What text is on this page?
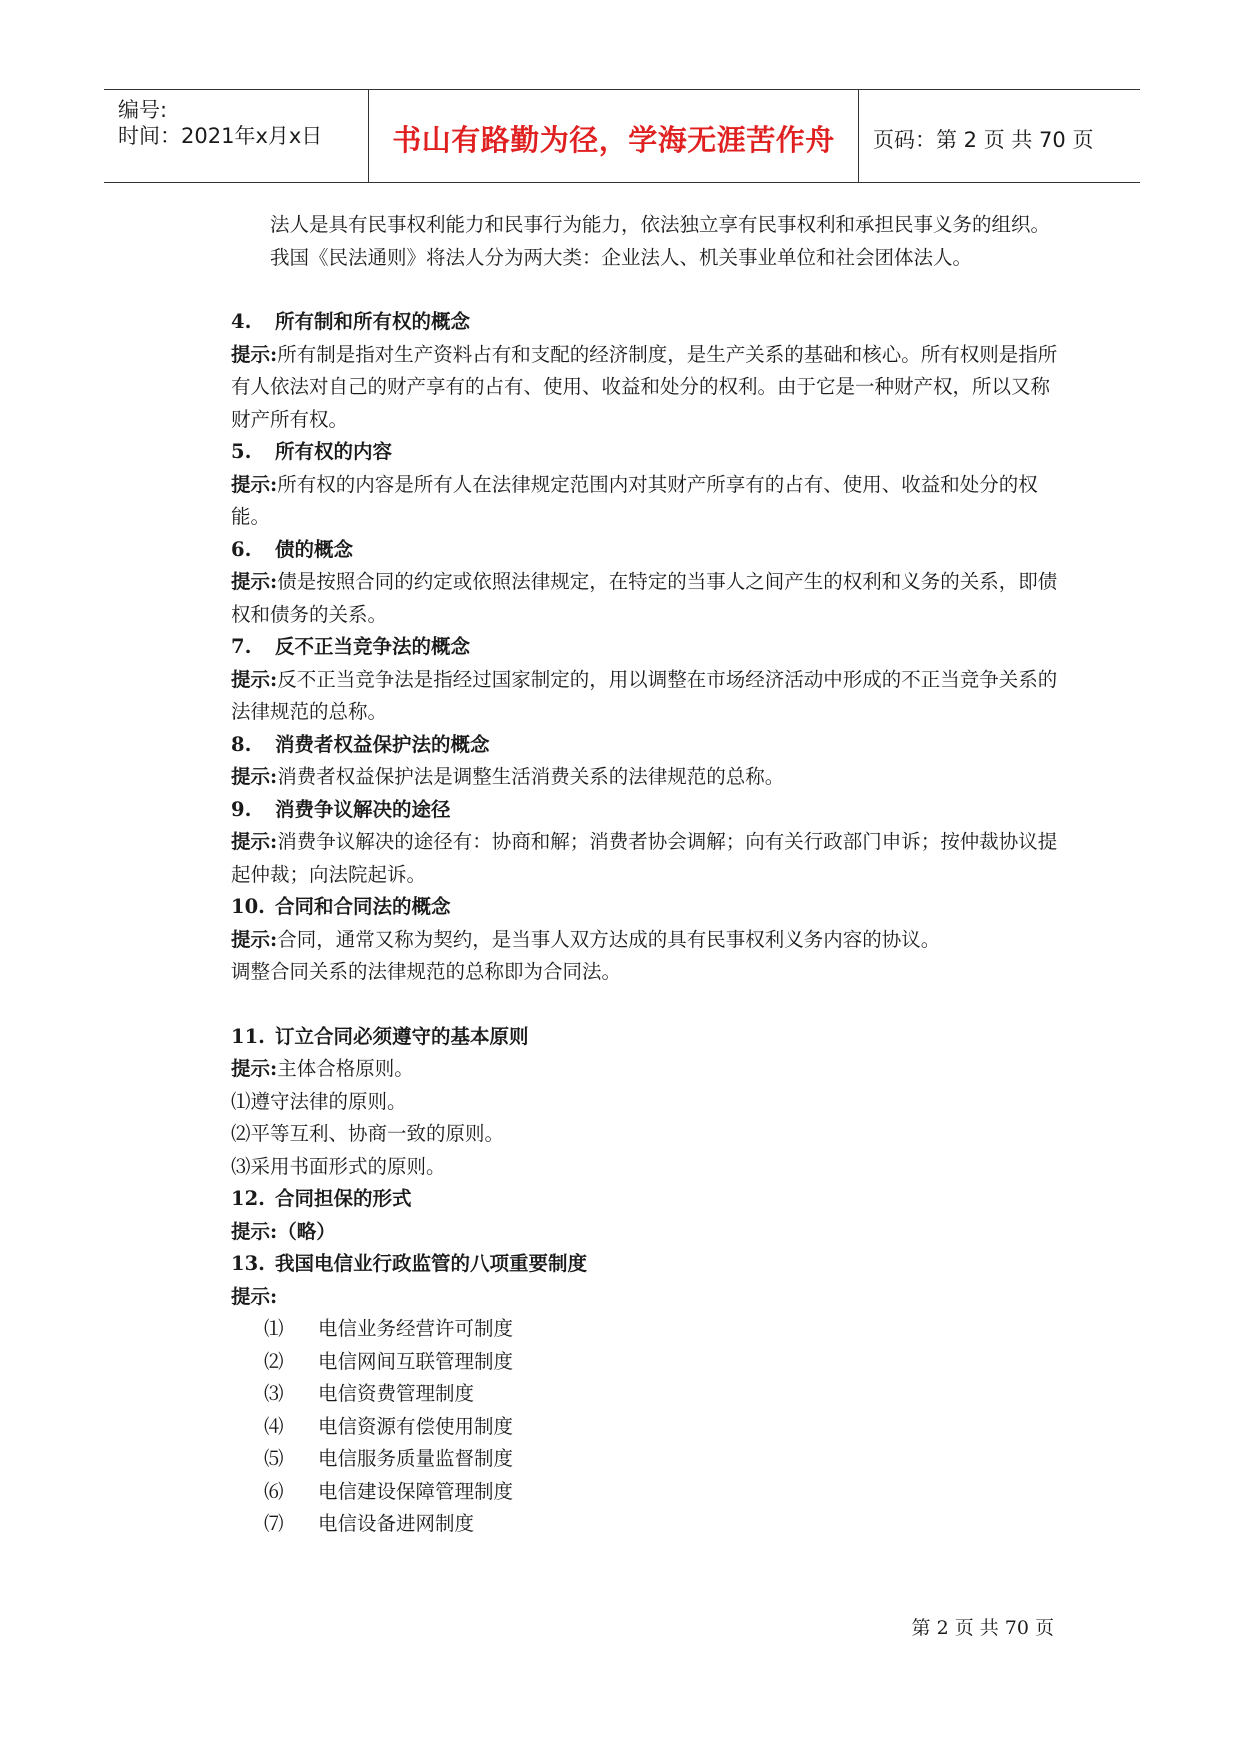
编号:
时间：2021年x月x日	书山有路勤为径，学海无涯苦作舟	页码：第 2 页 共 70 页

法人是具有民事权利能力和民事行为能力，依法独立享有民事权利和承担民事义务的组织。

我国《民法通则》将法人分为两大类：企业法人、机关事业单位和社会团体法人。

4. 所有制和所有权的概念

提示:所有制是指对生产资料占有和支配的经济制度，是生产关系的基础和核心。所有权则是指所有人依法对自己的财产享有的占有、使用、收益和处分的权利。由于它是一种财产权，所以又称财产所有权。

5. 所有权的内容

提示:所有权的内容是所有人在法律规定范围内对其财产所享有的占有、使用、收益和处分的权能。

6. 债的概念

提示:债是按照合同的约定或依照法律规定，在特定的当事人之间产生的权利和义务的关系，即债权和债务的关系。

7. 反不正当竞争法的概念

提示:反不正当竞争法是指经过国家制定的，用以调整在市场经济活动中形成的不正当竞争关系的法律规范的总称。

8. 消费者权益保护法的概念

提示:消费者权益保护法是调整生活消费关系的法律规范的总称。

9. 消费争议解决的途径

提示:消费争议解决的途径有：协商和解；消费者协会调解；向有关行政部门申诉；按仲裁协议提起仲裁；向法院起诉。

10. 合同和合同法的概念

提示:合同，通常又称为契约，是当事人双方达成的具有民事权利义务内容的协议。

调整合同关系的法律规范的总称即为合同法。

11. 订立合同必须遵守的基本原则

提示:主体合格原则。

⑴遵守法律的原则。

⑵平等互利、协商一致的原则。

⑶采用书面形式的原则。

12. 合同担保的形式

提示:（略）

13. 我国电信业行政监管的八项重要制度

提示:

⑴ 电信业务经营许可制度

⑵ 电信网间互联管理制度

⑶ 电信资费管理制度

⑷ 电信资源有偿使用制度

⑸ 电信服务质量监督制度

⑹ 电信建设保障管理制度

⑺ 电信设备进网制度

第 2 页 共 70 页
